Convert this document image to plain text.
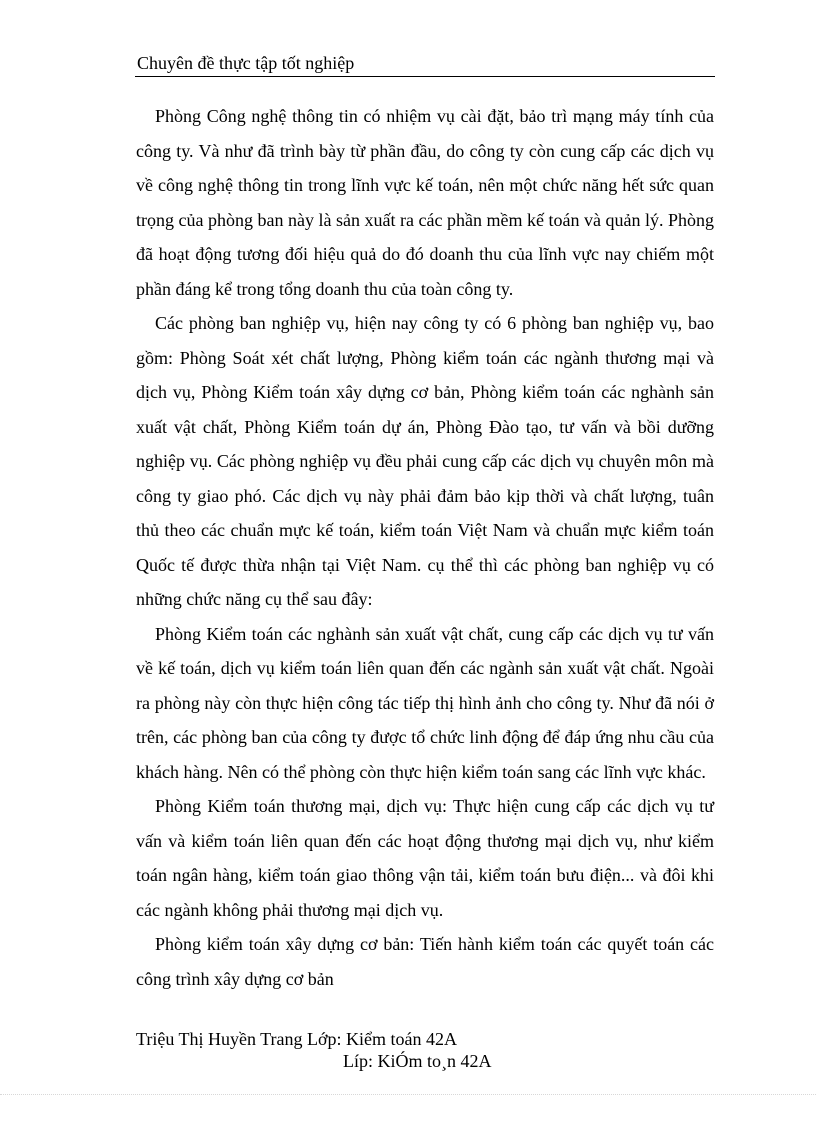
Chuyên đề thực tập tốt nghiệp

Phòng Công nghệ thông tin có nhiệm vụ cài đặt, bảo trì mạng máy tính của công ty. Và như đã trình bày từ phần đầu, do công ty còn cung cấp các dịch vụ về công nghệ thông tin trong lĩnh vực kế toán, nên một chức năng hết sức quan trọng của phòng ban này là sản xuất ra các phần mềm kế toán và quản lý. Phòng đã hoạt động tương đối hiệu quả do đó doanh thu của lĩnh vực nay chiếm một phần đáng kể trong tổng doanh thu của toàn công ty.

Các phòng ban nghiệp vụ, hiện nay công ty có 6 phòng ban nghiệp vụ, bao gồm: Phòng Soát xét chất lượng, Phòng kiểm toán các ngành thương mại và dịch vụ, Phòng Kiểm toán xây dựng cơ bản, Phòng kiểm toán các nghành sản xuất vật chất, Phòng Kiểm toán dự án, Phòng Đào tạo, tư vấn và bồi dưỡng nghiệp vụ. Các phòng nghiệp vụ đều phải cung cấp các dịch vụ chuyên môn mà công ty giao phó. Các dịch vụ này phải đảm bảo kịp thời và chất lượng, tuân thủ theo các chuẩn mực kế toán, kiểm toán Việt Nam và chuẩn mực kiểm toán Quốc tế được thừa nhận tại Việt Nam. cụ thể thì các phòng ban nghiệp vụ có những chức năng cụ thể sau đây:

Phòng Kiểm toán các nghành sản xuất vật chất, cung cấp các dịch vụ tư vấn về kế toán, dịch vụ kiểm toán liên quan đến các ngành sản xuất vật chất. Ngoài ra phòng này còn thực hiện công tác tiếp thị hình ảnh cho công ty. Như đã nói ở trên, các phòng ban của công ty được tổ chức linh động để đáp ứng nhu cầu của khách hàng. Nên có thể phòng còn thực hiện kiểm toán sang các lĩnh vực khác.

Phòng Kiểm toán thương mại, dịch vụ: Thực hiện cung cấp các dịch vụ tư vấn và kiểm toán liên quan đến các hoạt động thương mại dịch vụ, như kiểm toán ngân hàng, kiểm toán giao thông vận tải, kiểm toán bưu điện... và đôi khi các ngành không phải thương mại dịch vụ.

Phòng kiểm toán xây dựng cơ bản: Tiến hành kiểm toán các quyết toán các công trình xây dựng cơ bản

Triệu Thị Huyền Trang Lớp: Kiểm toán 42A
Líp: KiÓm to¸n 42A
